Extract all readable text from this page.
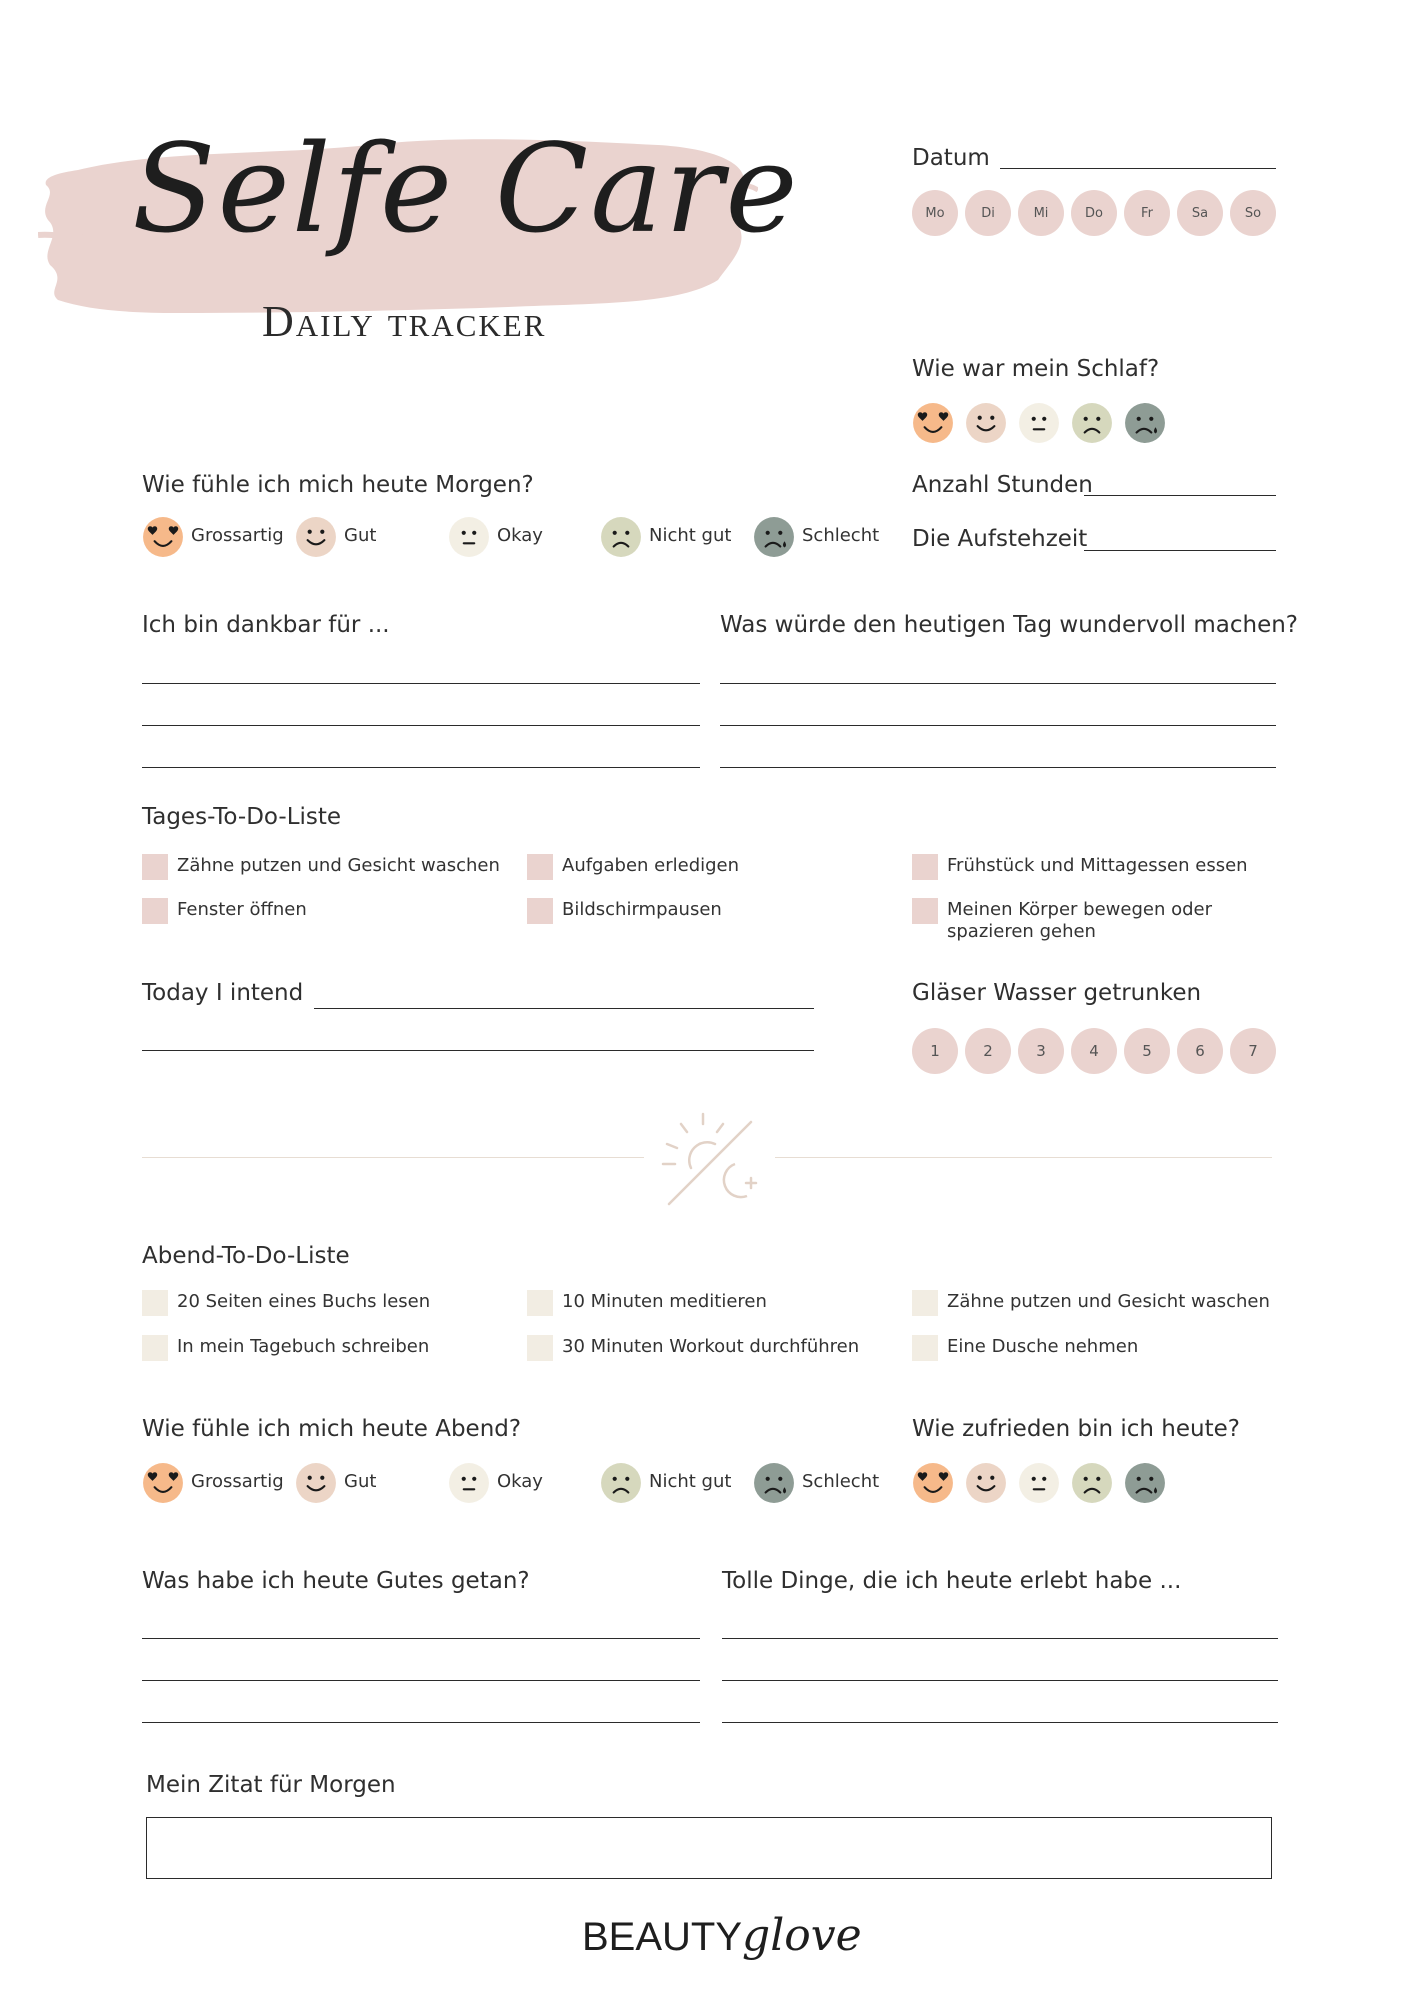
Selfe Care
Daily tracker
Datum
Mo	Di	Mi	Do	Fr	Sa	So
Wie war mein Schlaf?
Anzahl Stunden
Die Aufstehzeit
Wie fühle ich mich heute Morgen?
Grossartig	Gut	Okay	Nicht gut	Schlecht
Ich bin dankbar für ...	Was würde den heutigen Tag wundervoll machen?
Tages-To-Do-Liste
Zähne putzen und Gesicht waschen
Fenster öffnen
Aufgaben erledigen
Bildschirmpausen
Frühstück und Mittagessen essen
Meinen Körper bewegen oder spazieren gehen
Today I intend	Gläser Wasser getrunken
1	2	3	4	5	6	7
Abend-To-Do-Liste
20 Seiten eines Buchs lesen
In mein Tagebuch schreiben
10 Minuten meditieren
30 Minuten Workout durchführen
Zähne putzen und Gesicht waschen
Eine Dusche nehmen
Wie fühle ich mich heute Abend?
Grossartig	Gut	Okay	Nicht gut	Schlecht
Wie zufrieden bin ich heute?
Was habe ich heute Gutes getan?	Tolle Dinge, die ich heute erlebt habe ...
Mein Zitat für Morgen
BEAUTYglove
